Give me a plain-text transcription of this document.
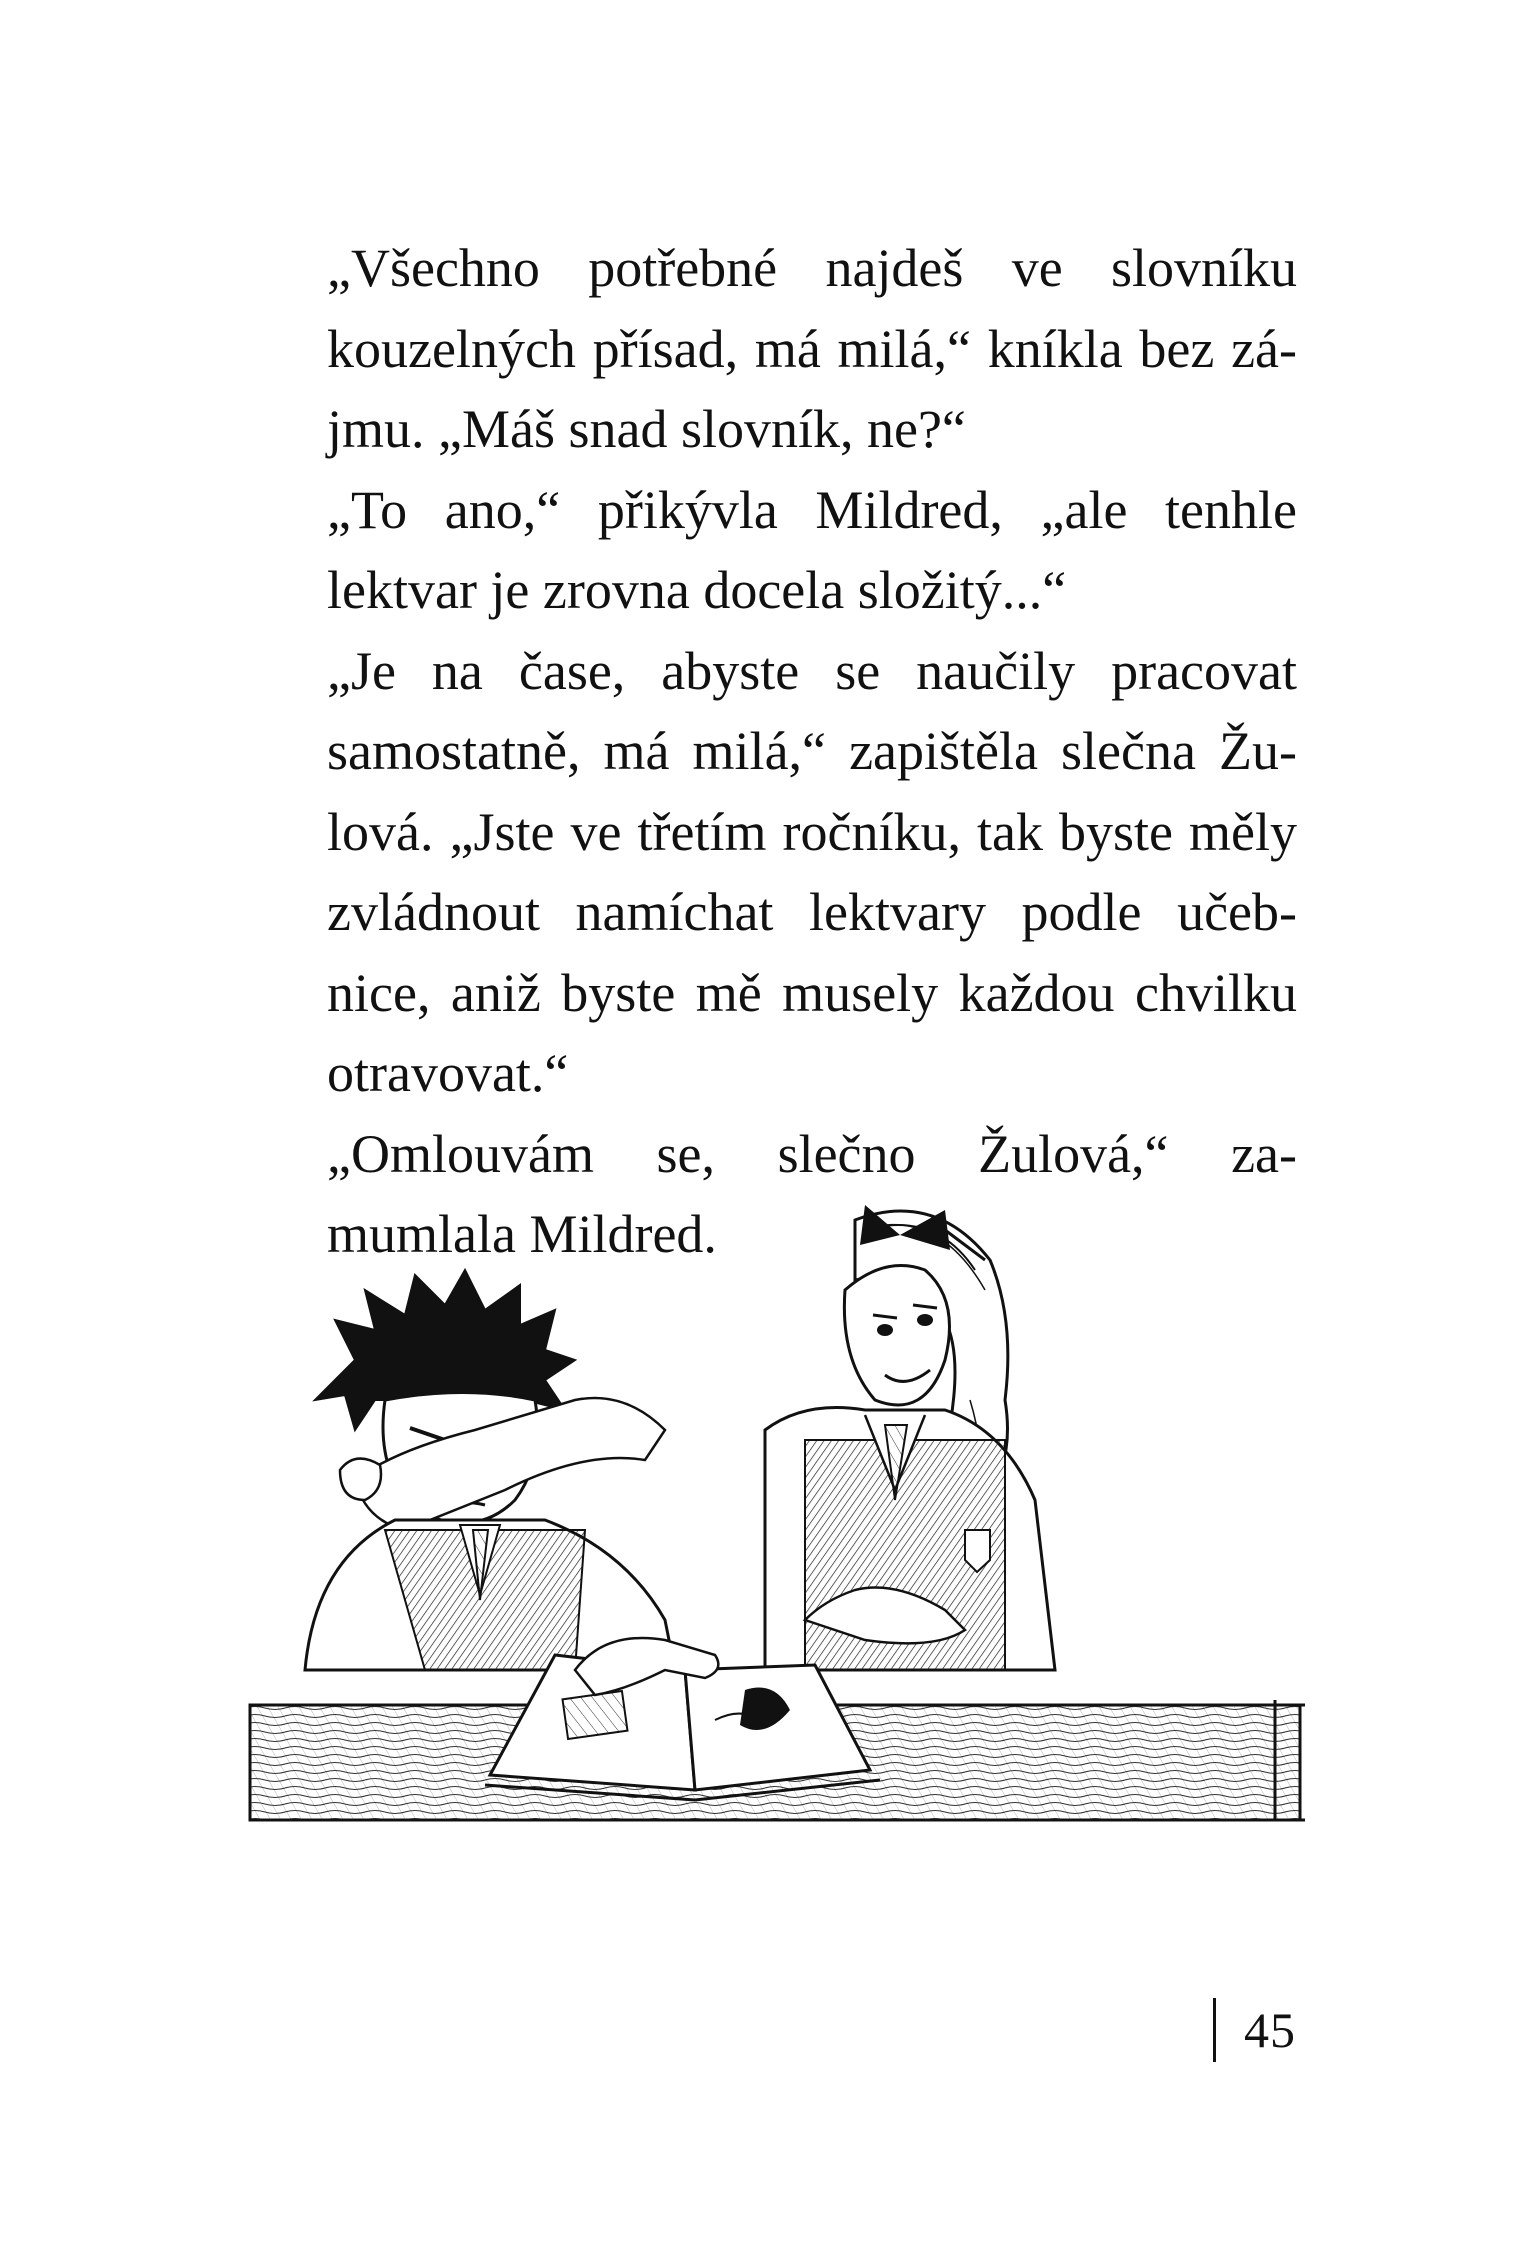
„Všechno potřebné najdeš ve slovníku
kouzelných přísad, má milá,“ kníkla bez zá-
jmu. „Máš snad slovník, ne?“

„To ano,“ přikývla Mildred, „ale tenhle
lektvar je zrovna docela složitý...“

„Je na čase, abyste se naučily pracovat
samostatně, má milá,“ zapištěla slečna Žu-
lová. „Jste ve třetím ročníku, tak byste měly
zvládnout namíchat lektvary podle učeb-
nice, aniž byste mě musely každou chvilku
otravovat.“

„Omlouvám se, slečno Žulová,“ za-
mumlala Mildred.

45
